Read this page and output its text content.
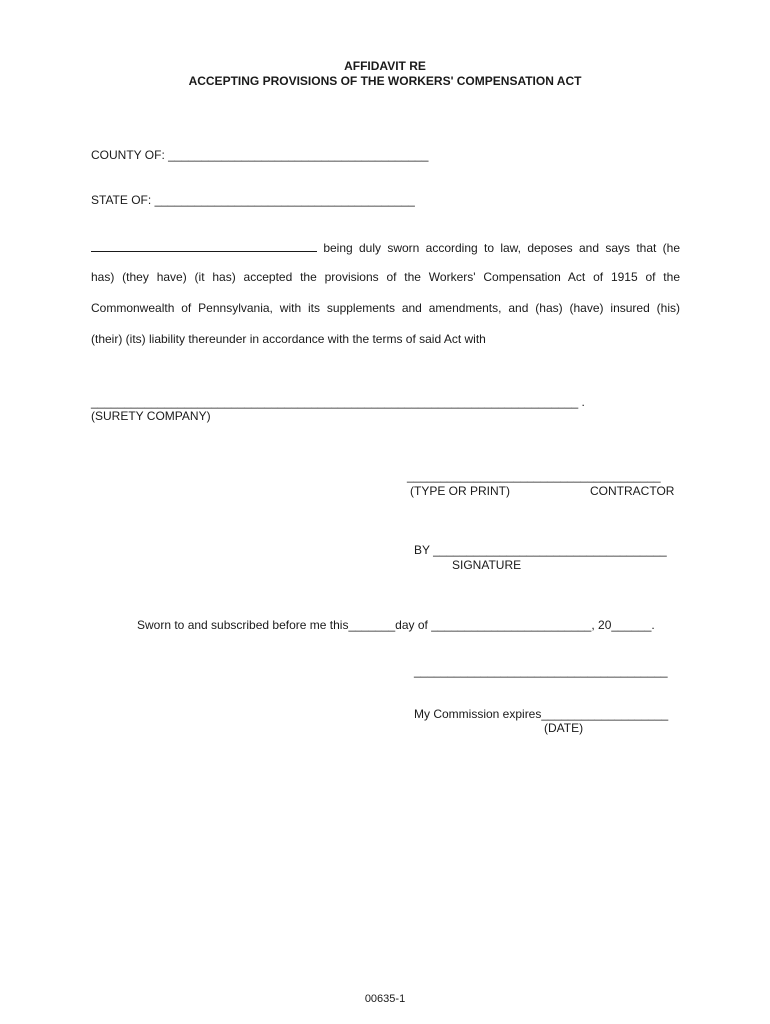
AFFIDAVIT RE
ACCEPTING PROVISIONS OF THE WORKERS' COMPENSATION ACT
COUNTY OF: _______________________________________
STATE OF: _______________________________________
being duly sworn according to law, deposes and says that (he
has) (they have) (it has) accepted the provisions of the Workers' Compensation Act of 1915 of the
Commonwealth of Pennsylvania, with its supplements and amendments, and (has) (have) insured (his)
(their) (its) liability thereunder in accordance with the terms of said Act with
_________________________________________________________________________ .
(SURETY COMPANY)
______________________________________
(TYPE OR PRINT)	CONTRACTOR
BY ___________________________________
SIGNATURE
Sworn to and subscribed before me this_______day of ________________________, 20______.
______________________________________
My Commission expires___________________
(DATE)
00635-1
